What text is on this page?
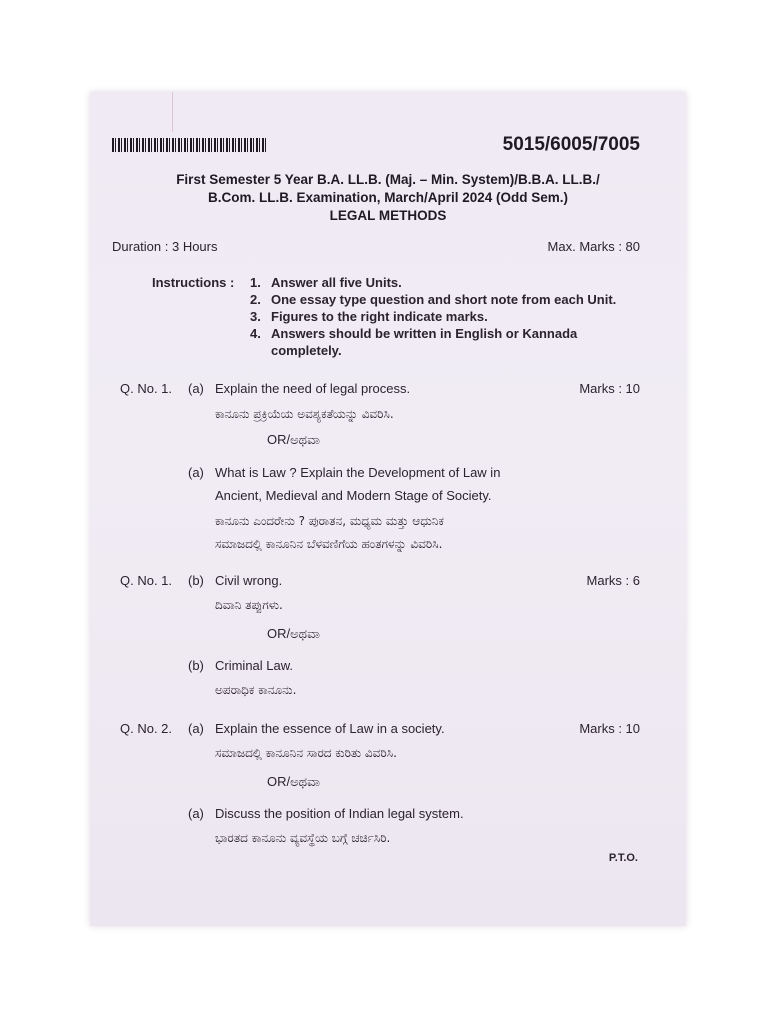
5015/6005/7005
First Semester 5 Year B.A. LL.B. (Maj. – Min. System)/B.B.A. LL.B./
B.Com. LL.B. Examination, March/April 2024 (Odd Sem.)
LEGAL METHODS
Duration : 3 Hours	Max. Marks : 80
Instructions : 1. Answer all five Units.
2. One essay type question and short note from each Unit.
3. Figures to the right indicate marks.
4. Answers should be written in English or Kannada
completely.
Q. No. 1. (a) Explain the need of legal process.	Marks : 10
ಕಾನೂನು ಪ್ರಕ್ರಿಯೆಯ ಅವಶ್ಯಕತೆಯನ್ನು ವಿವರಿಸಿ.
OR/ಅಥವಾ
(a) What is Law ? Explain the Development of Law in
Ancient, Medieval and Modern Stage of Society.
ಕಾನೂನು ಎಂದರೇನು ? ಪುರಾತನ, ಮಧ್ಯಮ ಮತ್ತು ಆಧುನಿಕ
ಸಮಾಜದಲ್ಲಿ ಕಾನೂನಿನ ಬೆಳವಣಿಗೆಯ ಹಂತಗಳನ್ನು ವಿವರಿಸಿ.
Q. No. 1. (b) Civil wrong.	Marks : 6
ದಿವಾನಿ ತಪ್ಪುಗಳು.
OR/ಅಥವಾ
(b) Criminal Law.
ಅಪರಾಧಿಕ ಕಾನೂನು.
Q. No. 2. (a) Explain the essence of Law in a society.	Marks : 10
ಸಮಾಜದಲ್ಲಿ ಕಾನೂನಿನ ಸಾರದ ಕುರಿತು ವಿವರಿಸಿ.
OR/ಅಥವಾ
(a) Discuss the position of Indian legal system.
ಭಾರತದ ಕಾನೂನು ವ್ಯವಸ್ಥೆಯ ಬಗ್ಗೆ ಚರ್ಚಿಸಿರಿ.
P.T.O.
